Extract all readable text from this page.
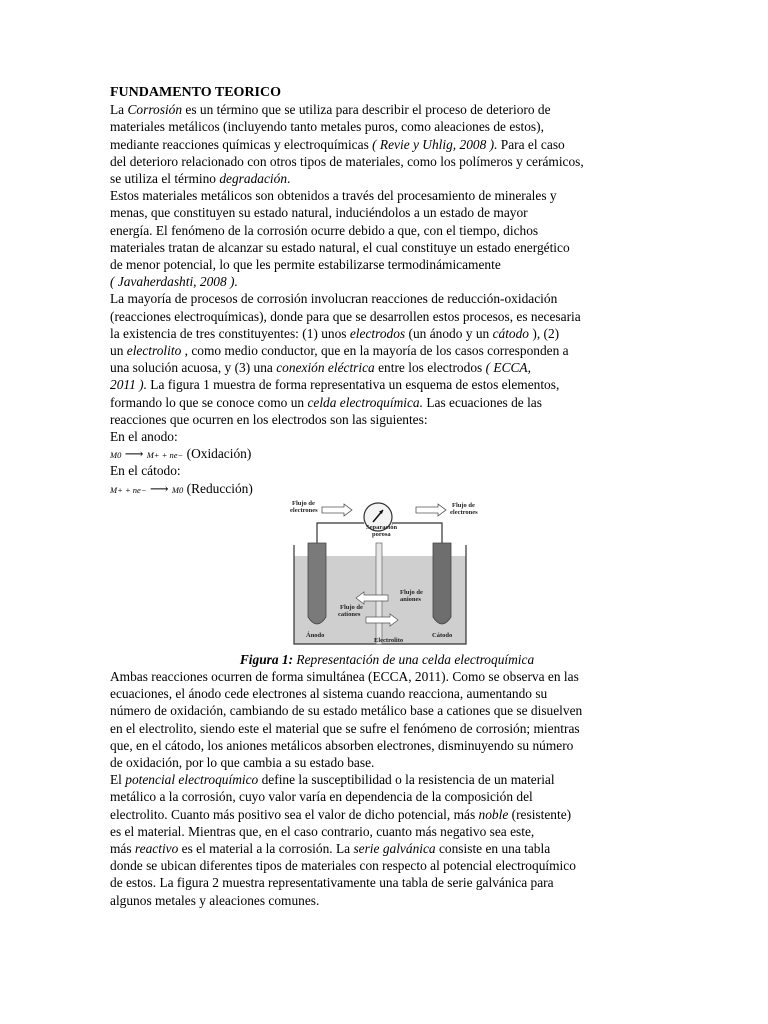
FUNDAMENTO TEORICO
La Corrosión es un término que se utiliza para describir el proceso de deterioro de
materiales metálicos (incluyendo tanto metales puros, como aleaciones de estos),
mediante reacciones químicas y electroquímicas ( Revie y Uhlig, 2008 ). Para el caso
del deterioro relacionado con otros tipos de materiales, como los polímeros y cerámicos,
se utiliza el término degradación.
Estos materiales metálicos son obtenidos a través del procesamiento de minerales y
menas, que constituyen su estado natural, induciéndolos a un estado de mayor
energía. El fenómeno de la corrosión ocurre debido a que, con el tiempo, dichos
materiales tratan de alcanzar su estado natural, el cual constituye un estado energético
de menor potencial, lo que les permite estabilizarse termodinámicamente
( Javaherdashti, 2008 ).
La mayoría de procesos de corrosión involucran reacciones de reducción-oxidación
(reacciones electroquímicas), donde para que se desarrollen estos procesos, es necesaria
la existencia de tres constituyentes: (1) unos electrodos (un ánodo y un cátodo ), (2)
un electrolito , como medio conductor, que en la mayoría de los casos corresponden a
una solución acuosa, y (3) una conexión eléctrica entre los electrodos ( ECCA,
2011 ). La figura 1 muestra de forma representativa un esquema de estos elementos,
formando lo que se conoce como un celda electroquímica. Las ecuaciones de las
reacciones que ocurren en los electrodos son las siguientes:
En el anodo:
M0 ⟶ M+ + ne− (Oxidación)
En el cátodo:
M+ + ne− ⟶ M0 (Reducción)
Flujo de
electrones
Flujo de
electrones
Separación
porosa
Flujo de
aniones
Flujo de
cationes
Ánodo	Cátodo
Electrolito
Figura 1: Representación de una celda electroquímica
Ambas reacciones ocurren de forma simultánea (ECCA, 2011). Como se observa en las
ecuaciones, el ánodo cede electrones al sistema cuando reacciona, aumentando su
número de oxidación, cambiando de su estado metálico base a cationes que se disuelven
en el electrolito, siendo este el material que se sufre el fenómeno de corrosión; mientras
que, en el cátodo, los aniones metálicos absorben electrones, disminuyendo su número
de oxidación, por lo que cambia a su estado base.
El potencial electroquímico define la susceptibilidad o la resistencia de un material
metálico a la corrosión, cuyo valor varía en dependencia de la composición del
electrolito. Cuanto más positivo sea el valor de dicho potencial, más noble (resistente)
es el material. Mientras que, en el caso contrario, cuanto más negativo sea este,
más reactivo es el material a la corrosión. La serie galvánica consiste en una tabla
donde se ubican diferentes tipos de materiales con respecto al potencial electroquímico
de estos. La figura 2 muestra representativamente una tabla de serie galvánica para
algunos metales y aleaciones comunes.
